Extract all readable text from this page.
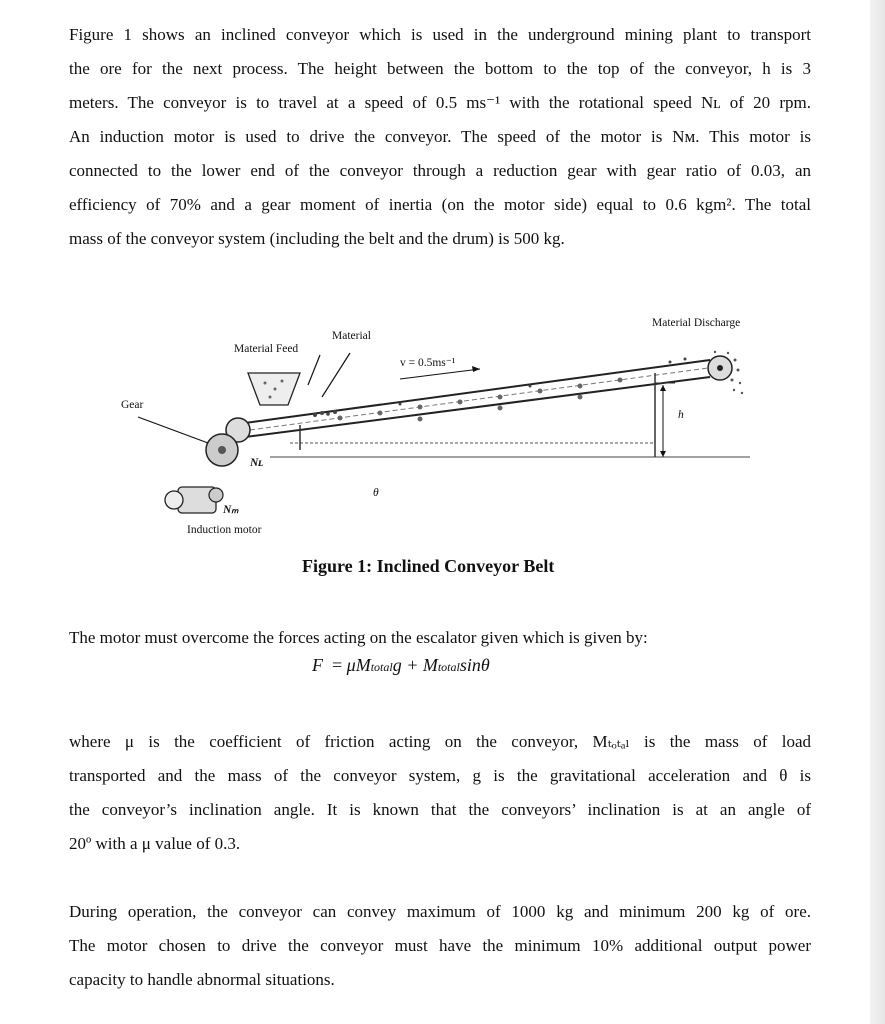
Figure 1 shows an inclined conveyor which is used in the underground mining plant to transport
the ore for the next process. The height between the bottom to the top of the conveyor, h is 3
meters. The conveyor is to travel at a speed of 0.5 ms⁻¹ with the rotational speed Nʟ of 20 rpm.
An induction motor is used to drive the conveyor. The speed of the motor is Nᴍ. This motor is
connected to the lower end of the conveyor through a reduction gear with gear ratio of 0.03, an
efficiency of 70% and a gear moment of inertia (on the motor side) equal to 0.6 kgm². The total
mass of the conveyor system (including the belt and the drum) is 500 kg.
Material Feed
Material
v = 0.5ms⁻¹
Material Discharge
Gear
h
Nʟ
Nₘ
θ
Induction motor
Figure 1: Inclined Conveyor Belt
The motor must overcome the forces acting on the escalator given which is given by:
F = μMtotalg + Mtotalsinθ
where μ is the coefficient of friction acting on the conveyor, Mₜₒₜₐₗ is the mass of load
transported and the mass of the conveyor system, g is the gravitational acceleration and θ is
the conveyor’s inclination angle. It is known that the conveyors’ inclination is at an angle of
20º with a μ value of 0.3.
During operation, the conveyor can convey maximum of 1000 kg and minimum 200 kg of ore.
The motor chosen to drive the conveyor must have the minimum 10% additional output power
capacity to handle abnormal situations.
